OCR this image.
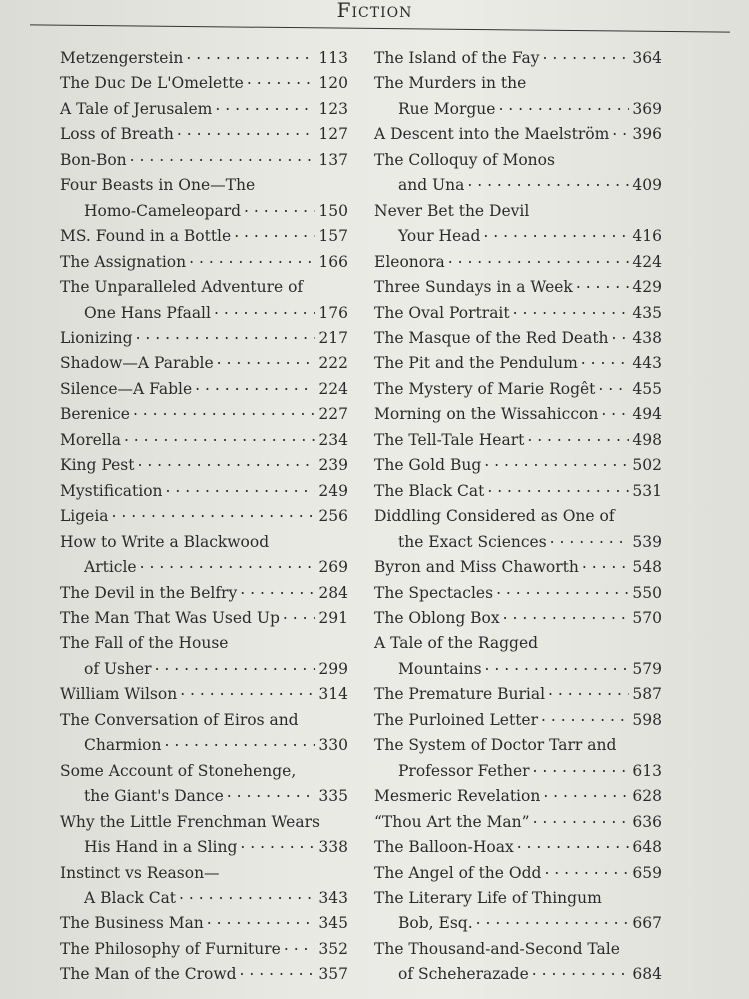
Fiction
Metzengerstein . . .	113
The Duc De L'Omelette . . .	120
A Tale of Jerusalem . . .	123
Loss of Breath . . .	127
Bon-Bon . . .	137
Four Beasts in One—The
Homo-Cameleopard . . .	150
MS. Found in a Bottle . . .	157
The Assignation . . .	166
The Unparalleled Adventure of
One Hans Pfaall . . .	176
Lionizing . . .	217
Shadow—A Parable . . .	222
Silence—A Fable . . .	224
Berenice . . .	227
Morella . . .	234
King Pest . . .	239
Mystification . . .	249
Ligeia . . .	256
How to Write a Blackwood
Article . . .	269
The Devil in the Belfry . . .	284
The Man That Was Used Up . . . 291
The Fall of the House
of Usher . . .	299
William Wilson . . .	314
The Conversation of Eiros and
Charmion . . .	330
Some Account of Stonehenge,
the Giant's Dance . . .	335
Why the Little Frenchman Wears
His Hand in a Sling . . .	338
Instinct vs Reason—
A Black Cat . . .	343
The Business Man . . .	345
The Philosophy of Furniture . . . 352
The Man of the Crowd . . .	357
The Island of the Fay . . .	364
The Murders in the
Rue Morgue . . .	369
A Descent into the Maelström . . . 396
The Colloquy of Monos
and Una . . .	409
Never Bet the Devil
Your Head . . .	416
Eleonora . . .	424
Three Sundays in a Week . . .	429
The Oval Portrait . . .	435
The Masque of the Red Death . . . 438
The Pit and the Pendulum . . .	443
The Mystery of Marie Rogêt . . . 455
Morning on the Wissahiccon . . . 494
The Tell-Tale Heart . . .	498
The Gold Bug . . .	502
The Black Cat . . .	531
Diddling Considered as One of
the Exact Sciences . . .	539
Byron and Miss Chaworth . . .	548
The Spectacles . . .	550
The Oblong Box . . .	570
A Tale of the Ragged
Mountains . . .	579
The Premature Burial . . .	587
The Purloined Letter . . .	598
The System of Doctor Tarr and
Professor Fether . . .	613
Mesmeric Revelation . . .	628
“Thou Art the Man” . . .	636
The Balloon-Hoax . . .	648
The Angel of the Odd . . .	659
The Literary Life of Thingum
Bob, Esq. . . .	667
The Thousand-and-Second Tale
of Scheherazade . . .	684
